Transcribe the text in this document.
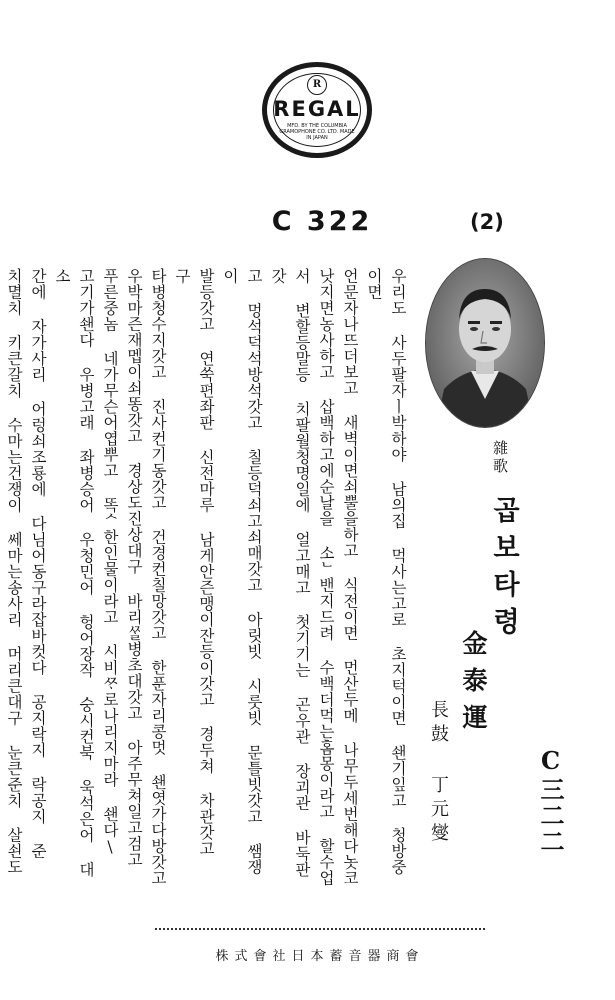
R
REGAL
MFD. BY THE COLUMBIA GRAMOPHONE CO. LTD. MADE IN JAPAN
C 322	(2)
雜歌
곱보타령
金泰運
長鼓 丁元燮	C三二二

우리도 사두팔자ㅣ박하야 남의집 먹사는고로 초지턱이면 쇈기잎고 청방중이면

언문자나뜨더보고 새벽이면쇠뿔을하고 식전이면 먼산두메 나무두세번해다놋코

낫지면농사하고 삽백하고에순날을 소ᄂ밴지드려 수백더먹는홈몽이라고 할수업

서 변할등말등 치팔월청명일에 얼고매고 첫기기는 곤우관 장괴관 바둑판갓

고 멍석덕석방석갓고 칠등덕쇠고쇠매갓고 아릿빗 시룻빗 문틀빗갓고 쌤쟁이

발등갓고 연쑥편좌판 신전마루 남게안즌맹이잔등이갓고 경두쳐 차관갓고 구

타병청수지갓고 진사컨기동갓고 건경컨칠망갓고 한푼자리콩멋 쇈엿가다방갓고

우박마즌재멥이쇠똥갓고 경상도진상대구 바리ᄶᆞᆯ병초대갓고 아주무쳐일고검고

푸른중놈 네가무슨어엽뿌고 똑ᄉ한인물이라고 시비ᄶᆞ로나리지마라 쇈다\

고기가쇈다 우병고래 좌병승어 우청민어 헝어장작 숭시컨북 욱석은어 대소

간에 자가사리 어렁쇠조룡에 다님어동구라잡바컷다 공지락지 락공지 준

치멸치 키큰갈치 수마는건쟁이 쎄마는송사리 머리큰대구 눈큰준치 살쇤도

株式會社日本蓄音器商會
